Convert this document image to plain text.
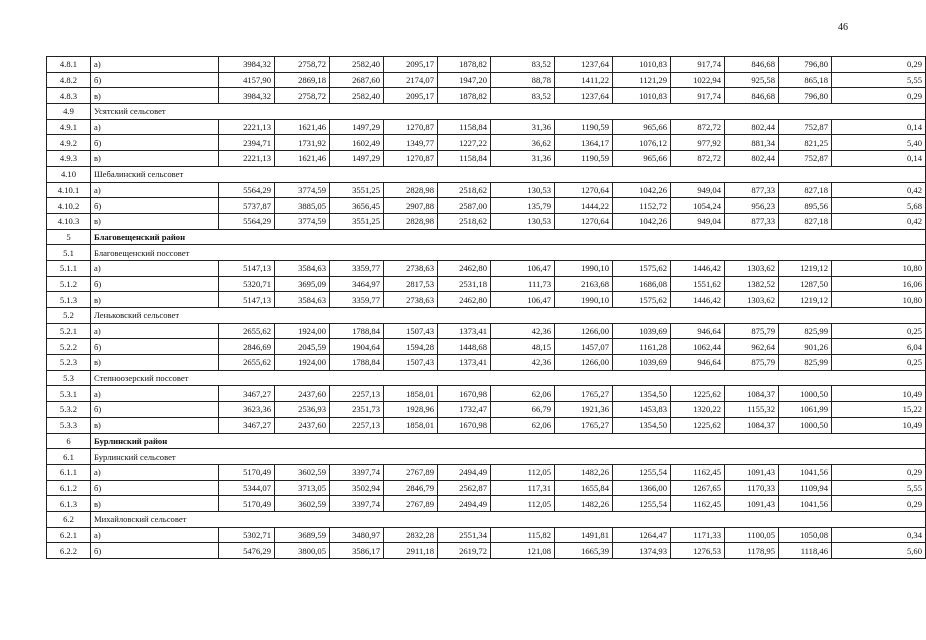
46
4.8.1	а)	3984,32	2758,72	2582,40	2095,17	1878,82	83,52	1237,64	1010,83	917,74	846,68	796,80	0,29
4.8.2	б)	4157,90	2869,18	2687,60	2174,07	1947,20	88,78	1411,22	1121,29	1022,94	925,58	865,18	5,55
4.8.3	в)	3984,32	2758,72	2582,40	2095,17	1878,82	83,52	1237,64	1010,83	917,74	846,68	796,80	0,29
4.9	Усятский сельсовет												
4.9.1	а)	2221,13	1621,46	1497,29	1270,87	1158,84	31,36	1190,59	965,66	872,72	802,44	752,87	0,14
4.9.2	б)	2394,71	1731,92	1602,49	1349,77	1227,22	36,62	1364,17	1076,12	977,92	881,34	821,25	5,40
4.9.3	в)	2221,13	1621,46	1497,29	1270,87	1158,84	31,36	1190,59	965,66	872,72	802,44	752,87	0,14
4.10	Шебалинский сельсовет												
4.10.1	а)	5564,29	3774,59	3551,25	2828,98	2518,62	130,53	1270,64	1042,26	949,04	877,33	827,18	0,42
4.10.2	б)	5737,87	3885,05	3656,45	2907,88	2587,00	135,79	1444,22	1152,72	1054,24	956,23	895,56	5,68
4.10.3	в)	5564,29	3774,59	3551,25	2828,98	2518,62	130,53	1270,64	1042,26	949,04	877,33	827,18	0,42
5	Благовещенский район												
5.1	Благовещенский поссовет												
5.1.1	а)	5147,13	3584,63	3359,77	2738,63	2462,80	106,47	1990,10	1575,62	1446,42	1303,62	1219,12	10,80
5.1.2	б)	5320,71	3695,09	3464,97	2817,53	2531,18	111,73	2163,68	1686,08	1551,62	1382,52	1287,50	16,06
5.1.3	в)	5147,13	3584,63	3359,77	2738,63	2462,80	106,47	1990,10	1575,62	1446,42	1303,62	1219,12	10,80
5.2	Леньковский сельсовет												
5.2.1	а)	2655,62	1924,00	1788,84	1507,43	1373,41	42,36	1266,00	1039,69	946,64	875,79	825,99	0,25
5.2.2	б)	2846,69	2045,59	1904,64	1594,28	1448,68	48,15	1457,07	1161,28	1062,44	962,64	901,26	6,04
5.2.3	в)	2655,62	1924,00	1788,84	1507,43	1373,41	42,36	1266,00	1039,69	946,64	875,79	825,99	0,25
5.3	Степноозерский поссовет												
5.3.1	а)	3467,27	2437,60	2257,13	1858,01	1670,98	62,06	1765,27	1354,50	1225,62	1084,37	1000,50	10,49
5.3.2	б)	3623,36	2536,93	2351,73	1928,96	1732,47	66,79	1921,36	1453,83	1320,22	1155,32	1061,99	15,22
5.3.3	в)	3467,27	2437,60	2257,13	1858,01	1670,98	62,06	1765,27	1354,50	1225,62	1084,37	1000,50	10,49
6	Бурлинский район												
6.1	Бурлинский сельсовет												
6.1.1	а)	5170,49	3602,59	3397,74	2767,89	2494,49	112,05	1482,26	1255,54	1162,45	1091,43	1041,56	0,29
6.1.2	б)	5344,07	3713,05	3502,94	2846,79	2562,87	117,31	1655,84	1366,00	1267,65	1170,33	1109,94	5,55
6.1.3	в)	5170,49	3602,59	3397,74	2767,89	2494,49	112,05	1482,26	1255,54	1162,45	1091,43	1041,56	0,29
6.2	Михайловский сельсовет												
6.2.1	а)	5302,71	3689,59	3480,97	2832,28	2551,34	115,82	1491,81	1264,47	1171,33	1100,05	1050,08	0,34
6.2.2	б)	5476,29	3800,05	3586,17	2911,18	2619,72	121,08	1665,39	1374,93	1276,53	1178,95	1118,46	5,60
